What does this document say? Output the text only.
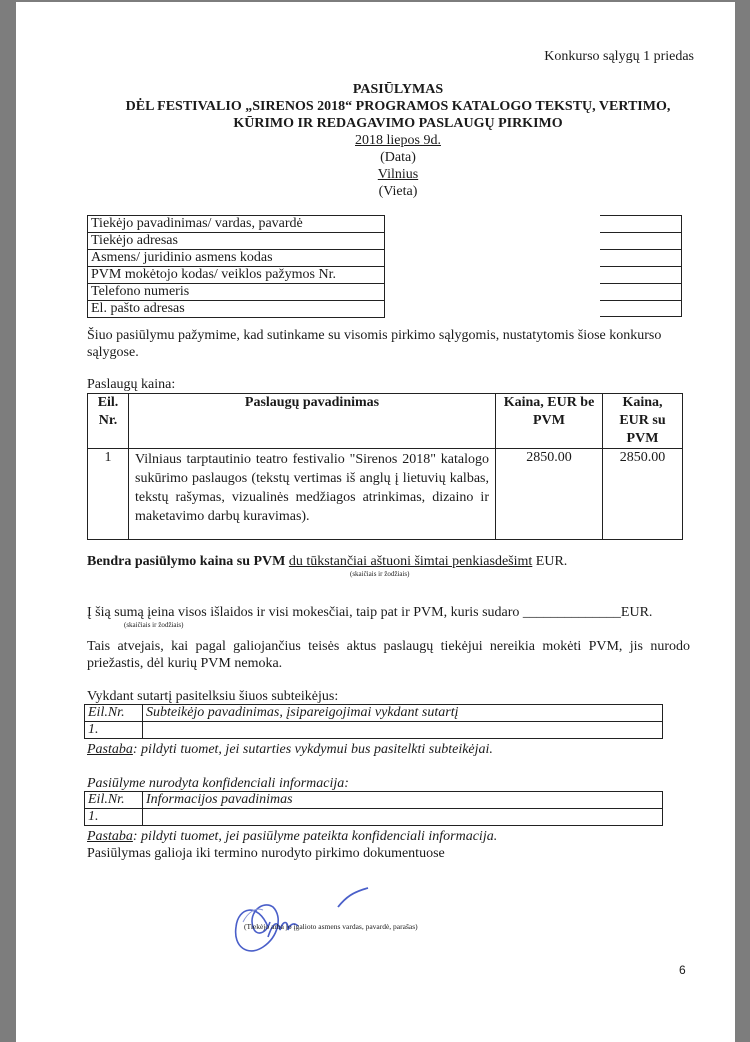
Konkurso sąlygų 1 priedas
PASIŪLYMAS
DĖL FESTIVALIO „SIRENOS 2018“ PROGRAMOS KATALOGO TEKSTŲ, VERTIMO,
KŪRIMO IR REDAGAVIMO PASLAUGŲ PIRKIMO
2018 liepos 9d.
(Data)
Vilnius
(Vieta)
Tiekėjo pavadinimas/ vardas, pavardė
Tiekėjo adresas
Asmens/ juridinio asmens kodas
PVM mokėtojo kodas/ veiklos pažymos Nr.
Telefono numeris
El. pašto adresas
Šiuo pasiūlymu pažymime, kad sutinkame su visomis pirkimo sąlygomis, nustatytomis šiose konkurso
sąlygose.
Paslaugų kaina:
Eil. Nr.	Paslaugų pavadinimas	Kaina, EUR be PVM	Kaina, EUR su PVM
1	Vilniaus tarptautinio teatro festivalio "Sirenos 2018" katalogo sukūrimo paslaugos (tekstų vertimas iš anglų į lietuvių kalbas, tekstų rašymas, vizualinės medžiagos atrinkimas, dizaino ir maketavimo darbų kuravimas).	2850.00	2850.00
Bendra pasiūlymo kaina su PVM du tūkstančiai aštuoni šimtai penkiasdešimt EUR.
(skaičiais ir žodžiais)
Į šią sumą įeina visos išlaidos ir visi mokesčiai, taip pat ir PVM, kuris sudaro ______________EUR.
(skaičiais ir žodžiais)
Tais atvejais, kai pagal galiojančius teisės aktus paslaugų tiekėjui nereikia mokėti PVM, jis nurodo
priežastis, dėl kurių PVM nemoka.
Vykdant sutartį pasitelksiu šiuos subteikėjus:
Eil.Nr.	Subteikėjo pavadinimas, įsipareigojimai vykdant sutartį
1.	
Pastaba: pildyti tuomet, jei sutarties vykdymui bus pasitelkti subteikėjai.
Pasiūlyme nurodyta konfidenciali informacija:
Eil.Nr.	Informacijos pavadinimas
1.	
Pastaba: pildyti tuomet, jei pasiūlyme pateikta konfidenciali informacija.
Pasiūlymas galioja iki termino nurodyto pirkimo dokumentuose
(Tiekėjo arba jo įgalioto asmens vardas, pavardė, parašas)
6
